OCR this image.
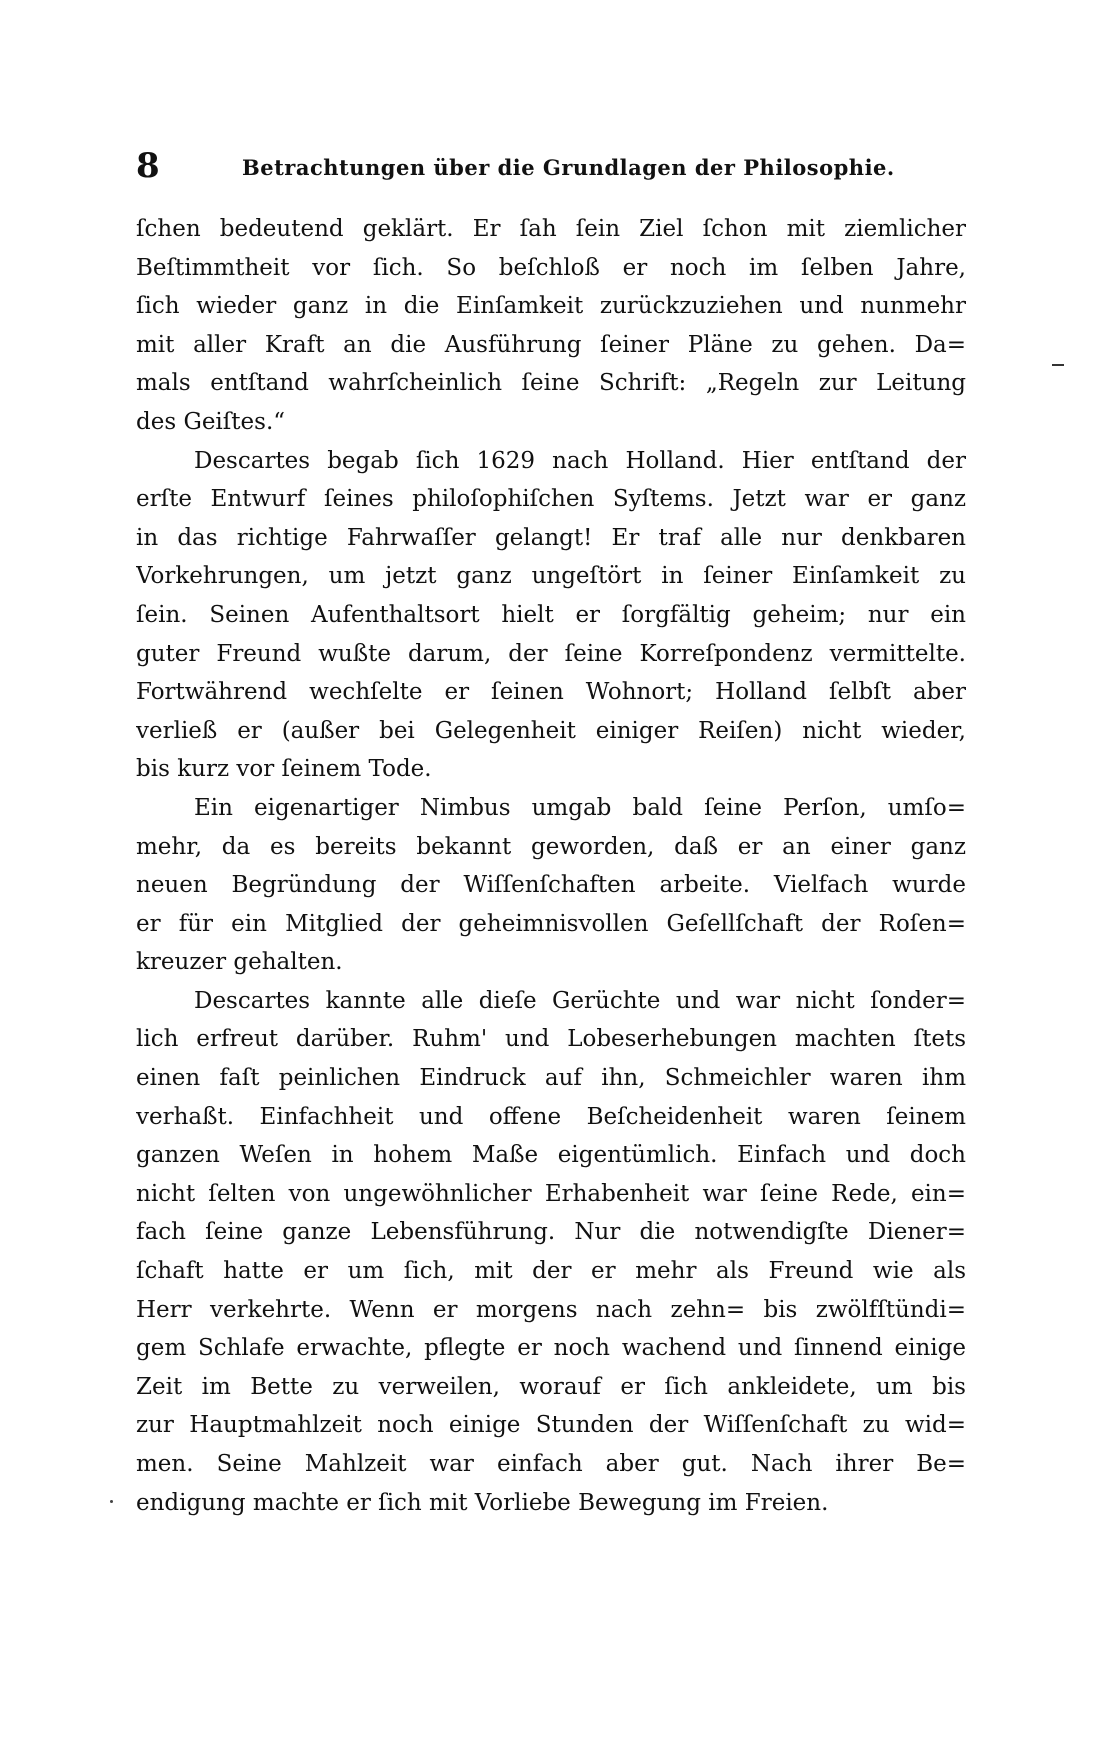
8	Betrachtungen über die Grundlagen der Philosophie.
ſchen bedeutend geklärt. Er ſah ſein Ziel ſchon mit ziemlicher
Beſtimmtheit vor ſich. So beſchloß er noch im ſelben Jahre,
ſich wieder ganz in die Einſamkeit zurückzuziehen und nunmehr
mit aller Kraft an die Ausführung ſeiner Pläne zu gehen. Da=
mals entſtand wahrſcheinlich ſeine Schrift: „Regeln zur Leitung
des Geiſtes.“
Descartes begab ſich 1629 nach Holland. Hier entſtand der
erſte Entwurf ſeines philoſophiſchen Syſtems. Jetzt war er ganz
in das richtige Fahrwaſſer gelangt! Er traf alle nur denkbaren
Vorkehrungen, um jetzt ganz ungeſtört in ſeiner Einſamkeit zu
ſein. Seinen Aufenthaltsort hielt er ſorgfältig geheim; nur ein
guter Freund wußte darum, der ſeine Korreſpondenz vermittelte.
Fortwährend wechſelte er ſeinen Wohnort; Holland ſelbſt aber
verließ er (außer bei Gelegenheit einiger Reiſen) nicht wieder,
bis kurz vor ſeinem Tode.
Ein eigenartiger Nimbus umgab bald ſeine Perſon, umſo=
mehr, da es bereits bekannt geworden, daß er an einer ganz
neuen Begründung der Wiſſenſchaften arbeite. Vielfach wurde
er für ein Mitglied der geheimnisvollen Geſellſchaft der Roſen=
kreuzer gehalten.
Descartes kannte alle dieſe Gerüchte und war nicht ſonder=
lich erfreut darüber. Ruhm' und Lobeserhebungen machten ſtets
einen faſt peinlichen Eindruck auf ihn, Schmeichler waren ihm
verhaßt. Einfachheit und offene Beſcheidenheit waren ſeinem
ganzen Weſen in hohem Maße eigentümlich. Einfach und doch
nicht ſelten von ungewöhnlicher Erhabenheit war ſeine Rede, ein=
fach ſeine ganze Lebensführung. Nur die notwendigſte Diener=
ſchaft hatte er um ſich, mit der er mehr als Freund wie als
Herr verkehrte. Wenn er morgens nach zehn= bis zwölfſtündi=
gem Schlafe erwachte, pflegte er noch wachend und ſinnend einige
Zeit im Bette zu verweilen, worauf er ſich ankleidete, um bis
zur Hauptmahlzeit noch einige Stunden der Wiſſenſchaft zu wid=
men. Seine Mahlzeit war einfach aber gut. Nach ihrer Be=
endigung machte er ſich mit Vorliebe Bewegung im Freien.
